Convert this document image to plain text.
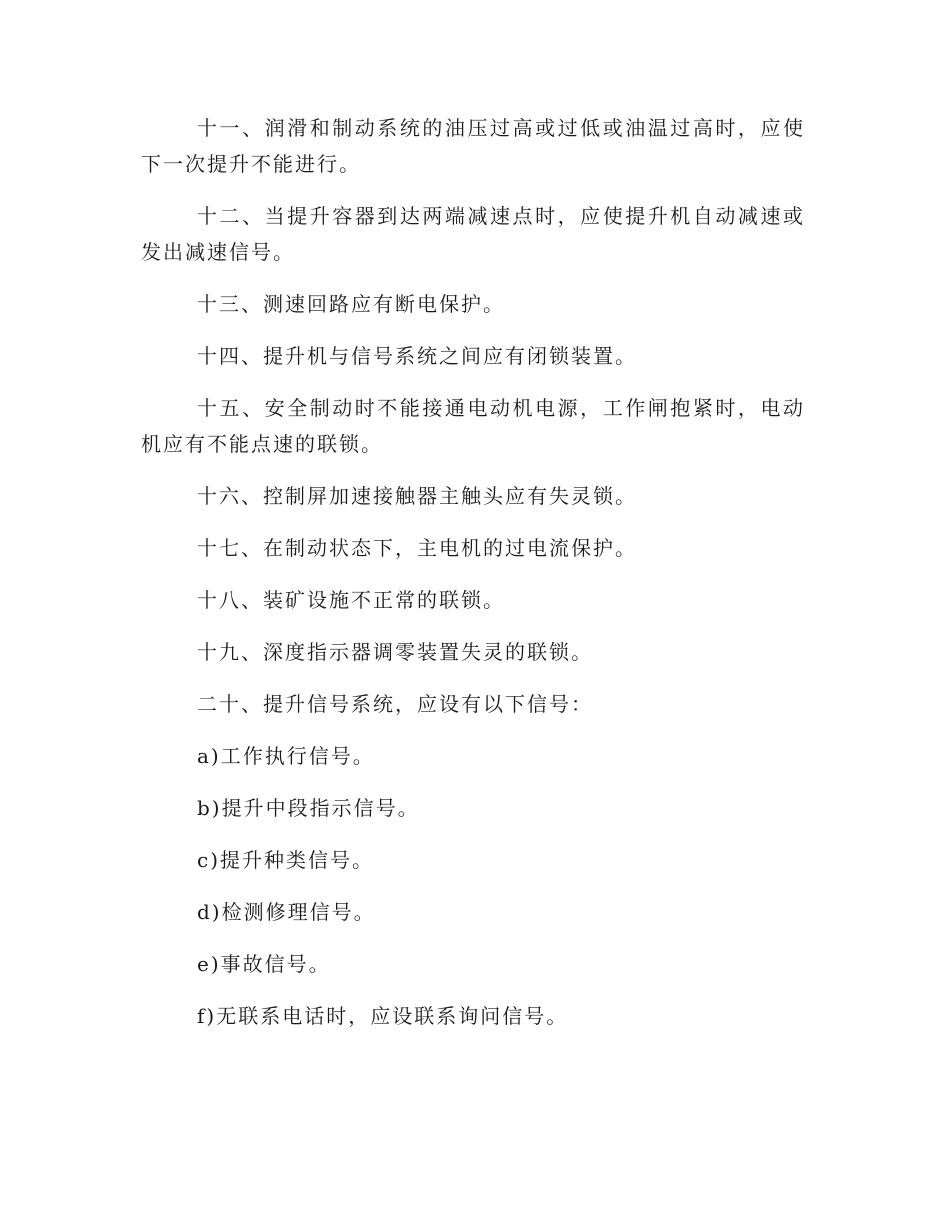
十一、润滑和制动系统的油压过高或过低或油温过高时，应使下一次提升不能进行。

十二、当提升容器到达两端减速点时，应使提升机自动减速或发出减速信号。

十三、测速回路应有断电保护。

十四、提升机与信号系统之间应有闭锁装置。

十五、安全制动时不能接通电动机电源，工作闸抱紧时，电动机应有不能点速的联锁。

十六、控制屏加速接触器主触头应有失灵锁。

十七、在制动状态下，主电机的过电流保护。

十八、装矿设施不正常的联锁。

十九、深度指示器调零装置失灵的联锁。

二十、提升信号系统，应设有以下信号：

a)工作执行信号。

b)提升中段指示信号。

c)提升种类信号。

d)检测修理信号。

e)事故信号。

f)无联系电话时，应设联系询问信号。
